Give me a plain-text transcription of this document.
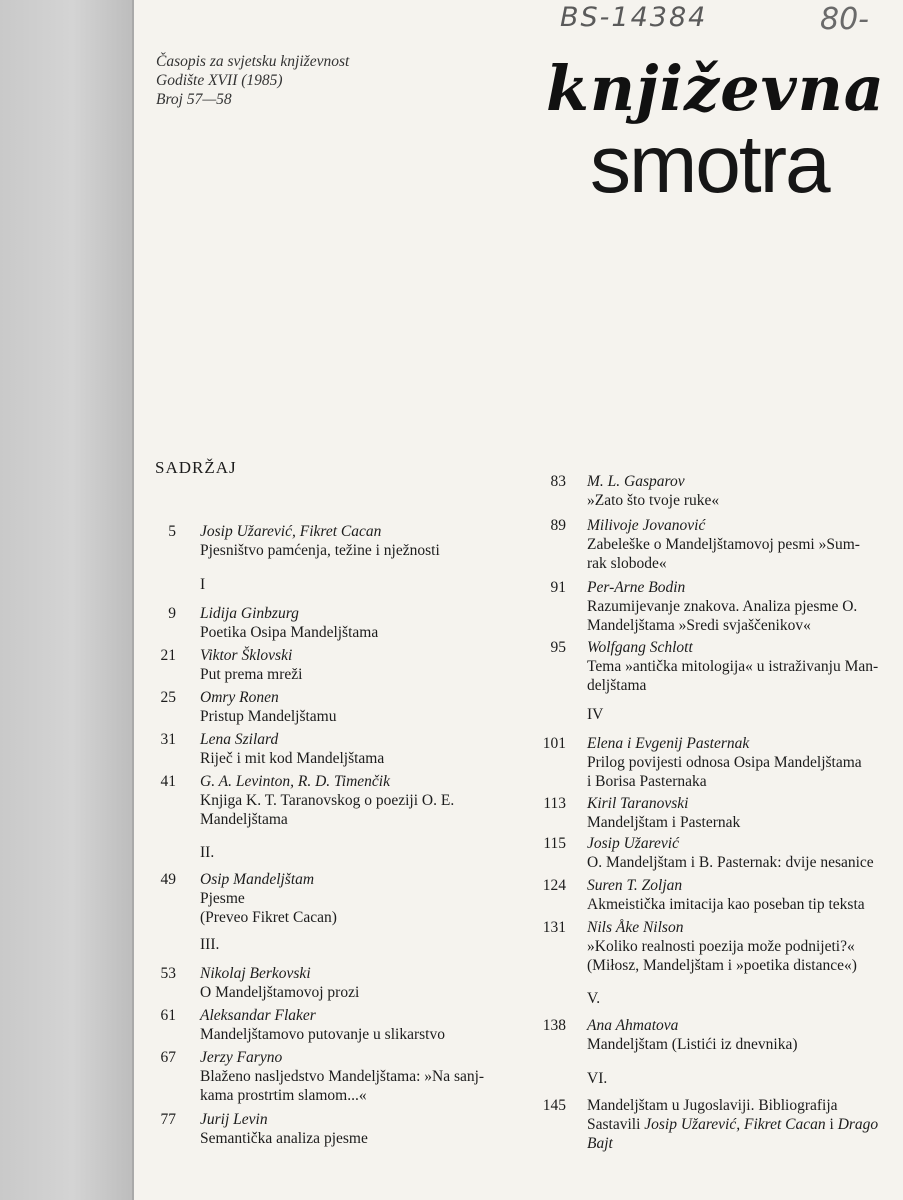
BS-14384	80-
Časopis za svjetsku književnost
Godište XVII (1985)
Broj 57—58	književna
smotra
SADRŽAJ
5 Josip Užarević, Fikret Cacan
Pjesništvo pamćenja, težine i nježnosti
I
9 Lidija Ginbzurg
Poetika Osipa Mandeljštama
21 Viktor Šklovski
Put prema mreži
25 Omry Ronen
Pristup Mandeljštamu
31 Lena Szilard
Riječ i mit kod Mandeljštama
41 G. A. Levinton, R. D. Timenčik
Knjiga K. T. Taranovskog o poeziji O. E.
Mandeljštama
II.
49 Osip Mandeljštam
Pjesme
(Preveo Fikret Cacan)
III.
53 Nikolaj Berkovski
O Mandeljštamovoj prozi
61 Aleksandar Flaker
Mandeljštamovo putovanje u slikarstvo
67 Jerzy Faryno
Blaženo nasljedstvo Mandeljštama: »Na sanj-
kama prostrtim slamom...«
77 Jurij Levin
Semantička analiza pjesme
83 M. L. Gasparov
»Zato što tvoje ruke«
89 Milivoje Jovanović
Zabeleške o Mandeljštamovoj pesmi »Sum-
rak slobode«
91 Per-Arne Bodin
Razumijevanje znakova. Analiza pjesme O.
Mandeljštama »Sredi svjaščenikov«
95 Wolfgang Schlott
Tema »antička mitologija« u istraživanju Man-
deljštama
IV
101 Elena i Evgenij Pasternak
Prilog povijesti odnosa Osipa Mandeljštama
i Borisa Pasternaka
113 Kiril Taranovski
Mandeljštam i Pasternak
115 Josip Užarević
O. Mandeljštam i B. Pasternak: dvije nesanice
124 Suren T. Zoljan
Akmeistička imitacija kao poseban tip teksta
131 Nils Åke Nilson
»Koliko realnosti poezija može podnijeti?«
(Miłosz, Mandeljštam i »poetika distance«)
V.
138 Ana Ahmatova
Mandeljštam (Listići iz dnevnika)
VI.
145 Mandeljštam u Jugoslaviji. Bibliografija
Sastavili Josip Užarević, Fikret Cacan i Drago
Bajt
